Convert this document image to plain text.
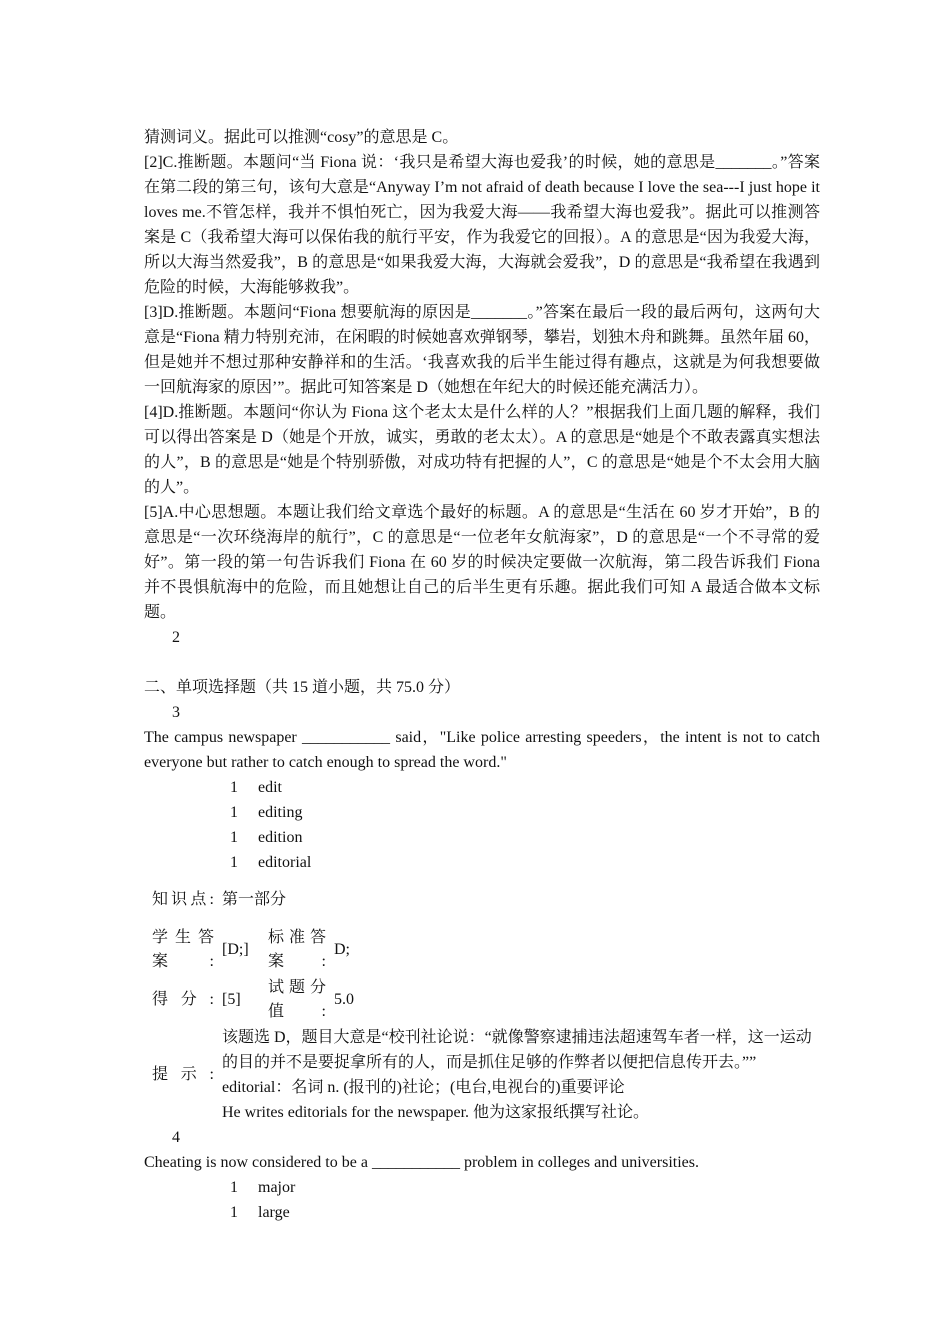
猜测词义。据此可以推测“cosy”的意思是 C。

[2]C.推断题。本题问“当 Fiona 说：‘我只是希望大海也爱我’的时候，她的意思是_______。”答案在第二段的第三句，该句大意是“Anyway I’m not afraid of death because I love the sea---I just hope it loves me.不管怎样，我并不惧怕死亡，因为我爱大海——我希望大海也爱我”。据此可以推测答案是 C（我希望大海可以保佑我的航行平安，作为我爱它的回报）。A 的意思是“因为我爱大海，所以大海当然爱我”，B 的意思是“如果我爱大海，大海就会爱我”，D 的意思是“我希望在我遇到危险的时候，大海能够救我”。

[3]D.推断题。本题问“Fiona 想要航海的原因是_______。”答案在最后一段的最后两句，这两句大意是“Fiona 精力特别充沛，在闲暇的时候她喜欢弹钢琴，攀岩，划独木舟和跳舞。虽然年届 60，但是她并不想过那种安静祥和的生活。‘我喜欢我的后半生能过得有趣点，这就是为何我想要做一回航海家的原因’”。据此可知答案是 D（她想在年纪大的时候还能充满活力）。

[4]D.推断题。本题问“你认为 Fiona 这个老太太是什么样的人？”根据我们上面几题的解释，我们可以得出答案是 D（她是个开放，诚实，勇敢的老太太）。A 的意思是“她是个不敢表露真实想法的人”，B 的意思是“她是个特别骄傲，对成功特有把握的人”，C 的意思是“她是个不太会用大脑的人”。

[5]A.中心思想题。本题让我们给文章选个最好的标题。A 的意思是“生活在 60 岁才开始”，B 的意思是“一次环绕海岸的航行”，C 的意思是“一位老年女航海家”，D 的意思是“一个不寻常的爱好”。第一段的第一句告诉我们 Fiona 在 60 岁的时候决定要做一次航海，第二段告诉我们 Fiona 并不畏惧航海中的危险，而且她想让自己的后半生更有乐趣。据此我们可知 A 最适合做本文标题。

2
二、单项选择题（共 15 道小题，共 75.0 分）
3

The campus newspaper ___________ said，"Like police arresting speeders，the intent is not to catch everyone but rather to catch enough to spread the word."

1 edit
1 editing
1 edition
1 editorial
知识点:	第一部分		
学生答案:	[D;]	标准答案:	D;
得分:	[5]	试题分值:	5.0
提示:	该题选 D，题目大意是“校刊社论说：“就像警察逮捕违法超速驾车者一样，这一运动的目的并不是要捉拿所有的人，而是抓住足够的作弊者以便把信息传开去。””
editorial：名词 n. (报刊的)社论；(电台,电视台的)重要评论
He writes editorials for the newspaper. 他为这家报纸撰写社论。		
4

Cheating is now considered to be a ___________ problem in colleges and universities.

1 major
1 large
